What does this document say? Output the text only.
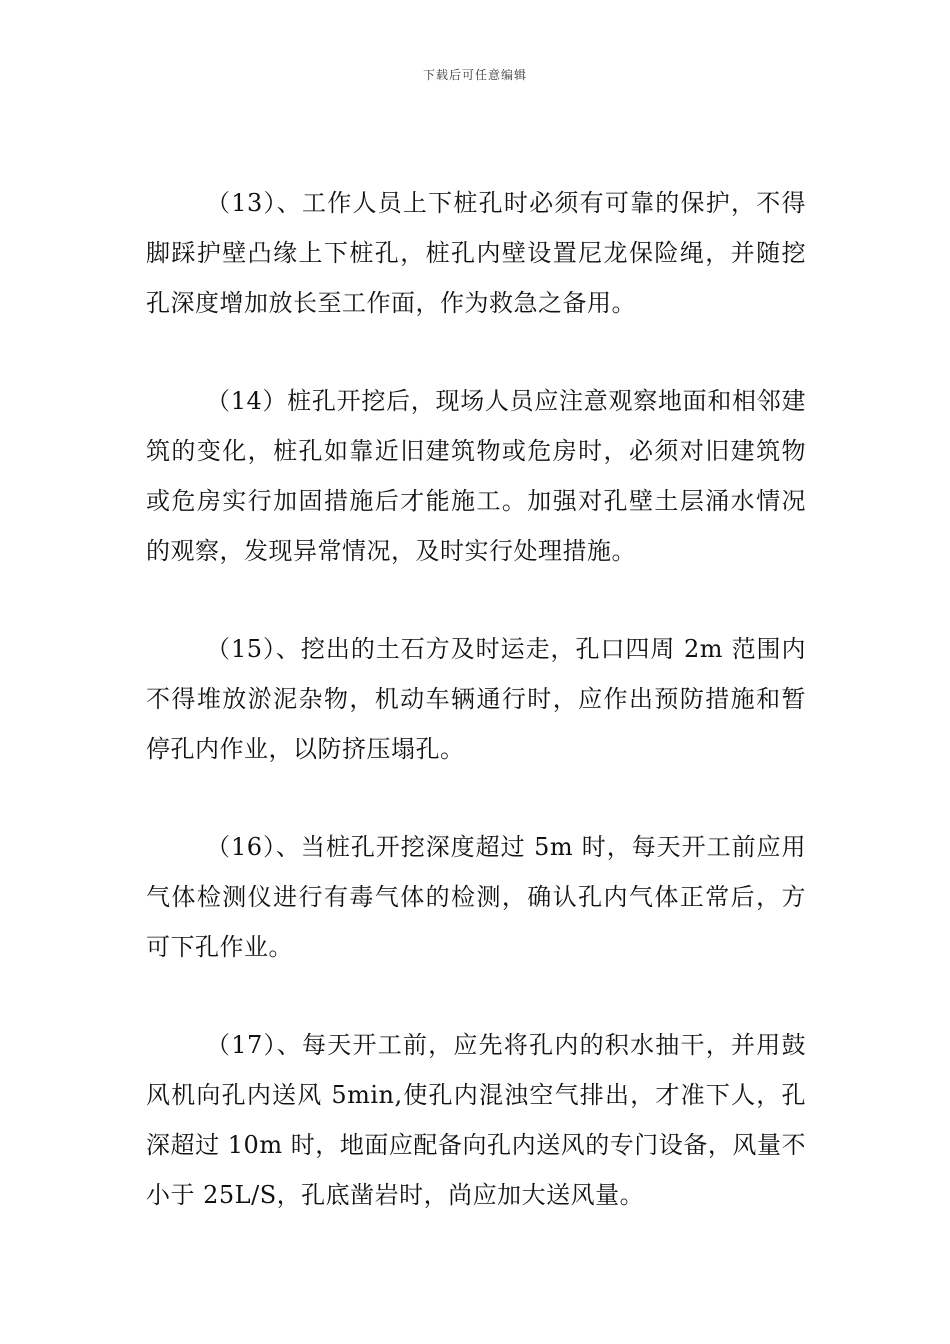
下载后可任意编辑

（13）、工作人员上下桩孔时必须有可靠的保护，不得脚踩护壁凸缘上下桩孔，桩孔内壁设置尼龙保险绳，并随挖孔深度增加放长至工作面，作为救急之备用。

（14）桩孔开挖后，现场人员应注意观察地面和相邻建筑的变化，桩孔如靠近旧建筑物或危房时，必须对旧建筑物或危房实行加固措施后才能施工。加强对孔壁土层涌水情况的观察，发现异常情况，及时实行处理措施。

（15）、挖出的土石方及时运走，孔口四周 2m 范围内不得堆放淤泥杂物，机动车辆通行时，应作出预防措施和暂停孔内作业，以防挤压塌孔。

（16）、当桩孔开挖深度超过 5m 时，每天开工前应用气体检测仪进行有毒气体的检测，确认孔内气体正常后，方可下孔作业。

（17）、每天开工前，应先将孔内的积水抽干，并用鼓风机向孔内送风 5min,使孔内混浊空气排出，才准下人，孔深超过 10m 时，地面应配备向孔内送风的专门设备，风量不小于 25L/S，孔底凿岩时，尚应加大送风量。
